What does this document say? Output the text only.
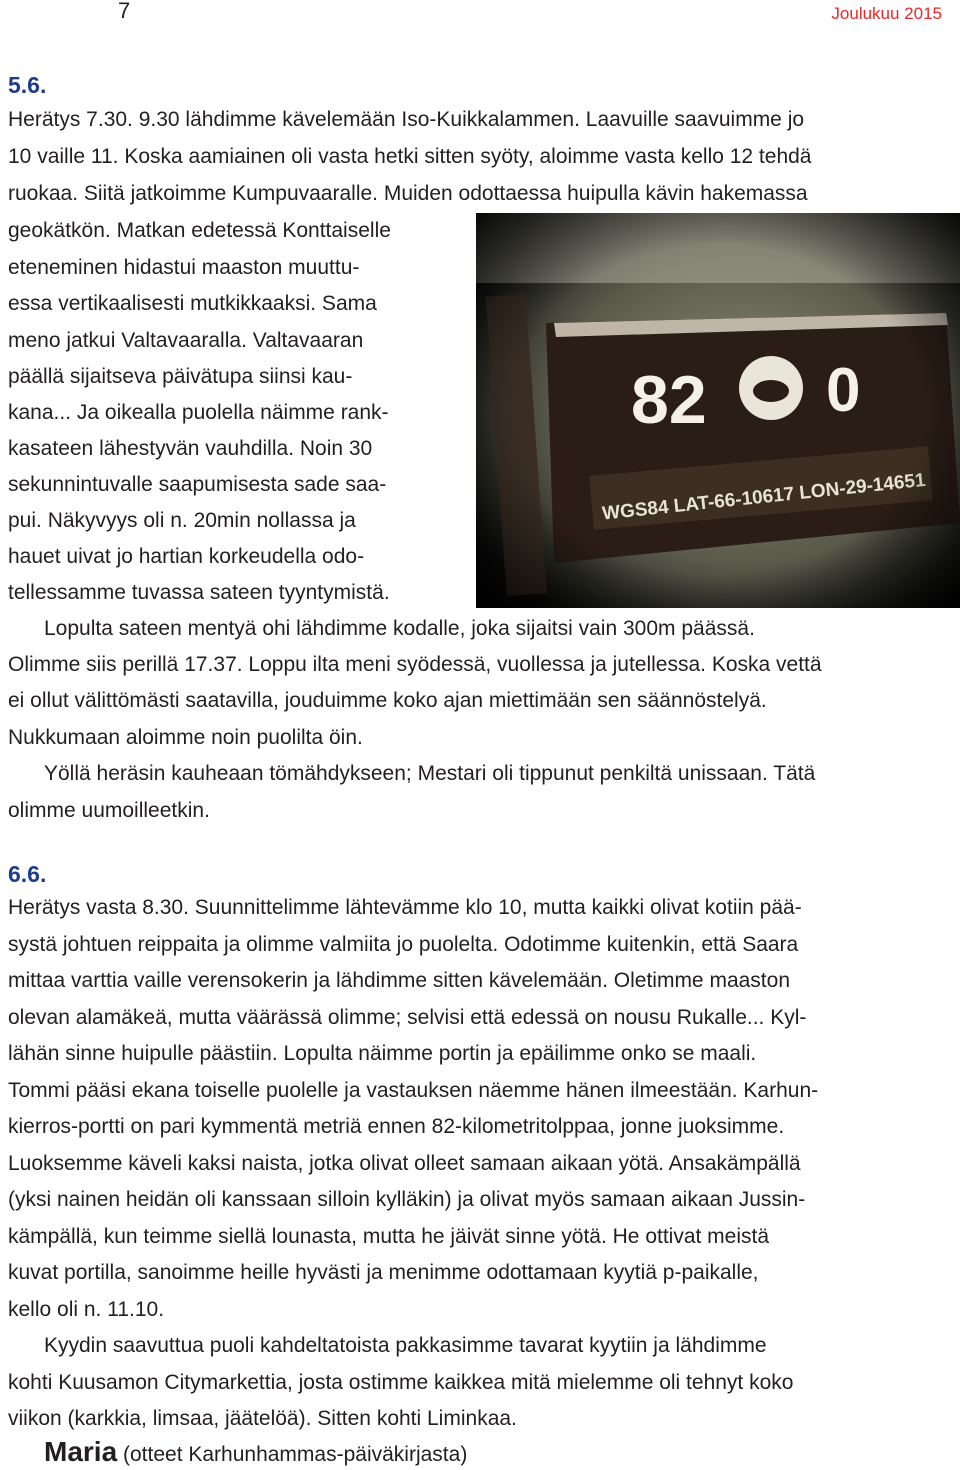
7	Joulukuu 2015
5.6.

Herätys 7.30. 9.30 lähdimme kävelemään Iso-Kuikkalammen. Laavuille saavuimme jo

10 vaille 11. Koska aamiainen oli vasta hetki sitten syöty, aloimme vasta kello 12 tehdä

ruokaa. Siitä jatkoimme Kumpuvaaralle. Muiden odottaessa huipulla kävin hakemassa

geokätkön. Matkan edetessä Konttaiselle

eteneminen hidastui maaston muuttu-

essa vertikaalisesti mutkikkaaksi. Sama

meno jatkui Valtavaaralla. Valtavaaran

päällä sijaitseva päivätupa siinsi kau-

kana... Ja oikealla puolella näimme rank-

kasateen lähestyvän vauhdilla. Noin 30

sekunnintuvalle saapumisesta sade saa-

pui. Näkyvyys oli n. 20min nollassa ja

hauet uivat jo hartian korkeudella odo-

tellessamme tuvassa sateen tyyntymistä.

Lopulta sateen mentyä ohi lähdimme kodalle, joka sijaitsi vain 300m päässä.

Olimme siis perillä 17.37. Loppu ilta meni syödessä, vuollessa ja jutellessa. Koska vettä

ei ollut välittömästi saatavilla, jouduimme koko ajan miettimään sen säännöstelyä.

Nukkumaan aloimme noin puolilta öin.

Yöllä heräsin kauheaan tömähdykseen; Mestari oli tippunut penkiltä unissaan. Tätä

olimme uumoilleetkin.

6.6.

Herätys vasta 8.30. Suunnittelimme lähtevämme klo 10, mutta kaikki olivat kotiin pää-

systä johtuen reippaita ja olimme valmiita jo puolelta. Odotimme kuitenkin, että Saara

mittaa varttia vaille verensokerin ja lähdimme sitten kävelemään. Oletimme maaston

olevan alamäkeä, mutta väärässä olimme; selvisi että edessä on nousu Rukalle... Kyl-

lähän sinne huipulle päästiin. Lopulta näimme portin ja epäilimme onko se maali.

Tommi pääsi ekana toiselle puolelle ja vastauksen näemme hänen ilmeestään. Karhun-

kierros-portti on pari kymmentä metriä ennen 82-kilometritolppaa, jonne juoksimme.

Luoksemme käveli kaksi naista, jotka olivat olleet samaan aikaan yötä. Ansakämpällä

(yksi nainen heidän oli kanssaan silloin kylläkin) ja olivat myös samaan aikaan Jussin-

kämpällä, kun teimme siellä lounasta, mutta he jäivät sinne yötä. He ottivat meistä

kuvat portilla, sanoimme heille hyvästi ja menimme odottamaan kyytiä p-paikalle,

kello oli n. 11.10.

Kyydin saavuttua puoli kahdeltatoista pakkasimme tavarat kyytiin ja lähdimme

kohti Kuusamon Citymarkettia, josta ostimme kaikkea mitä mielemme oli tehnyt koko

viikon (karkkia, limsaa, jäätelöä). Sitten kohti Liminkaa.

Maria (otteet Karhunhammas-päiväkirjasta)
